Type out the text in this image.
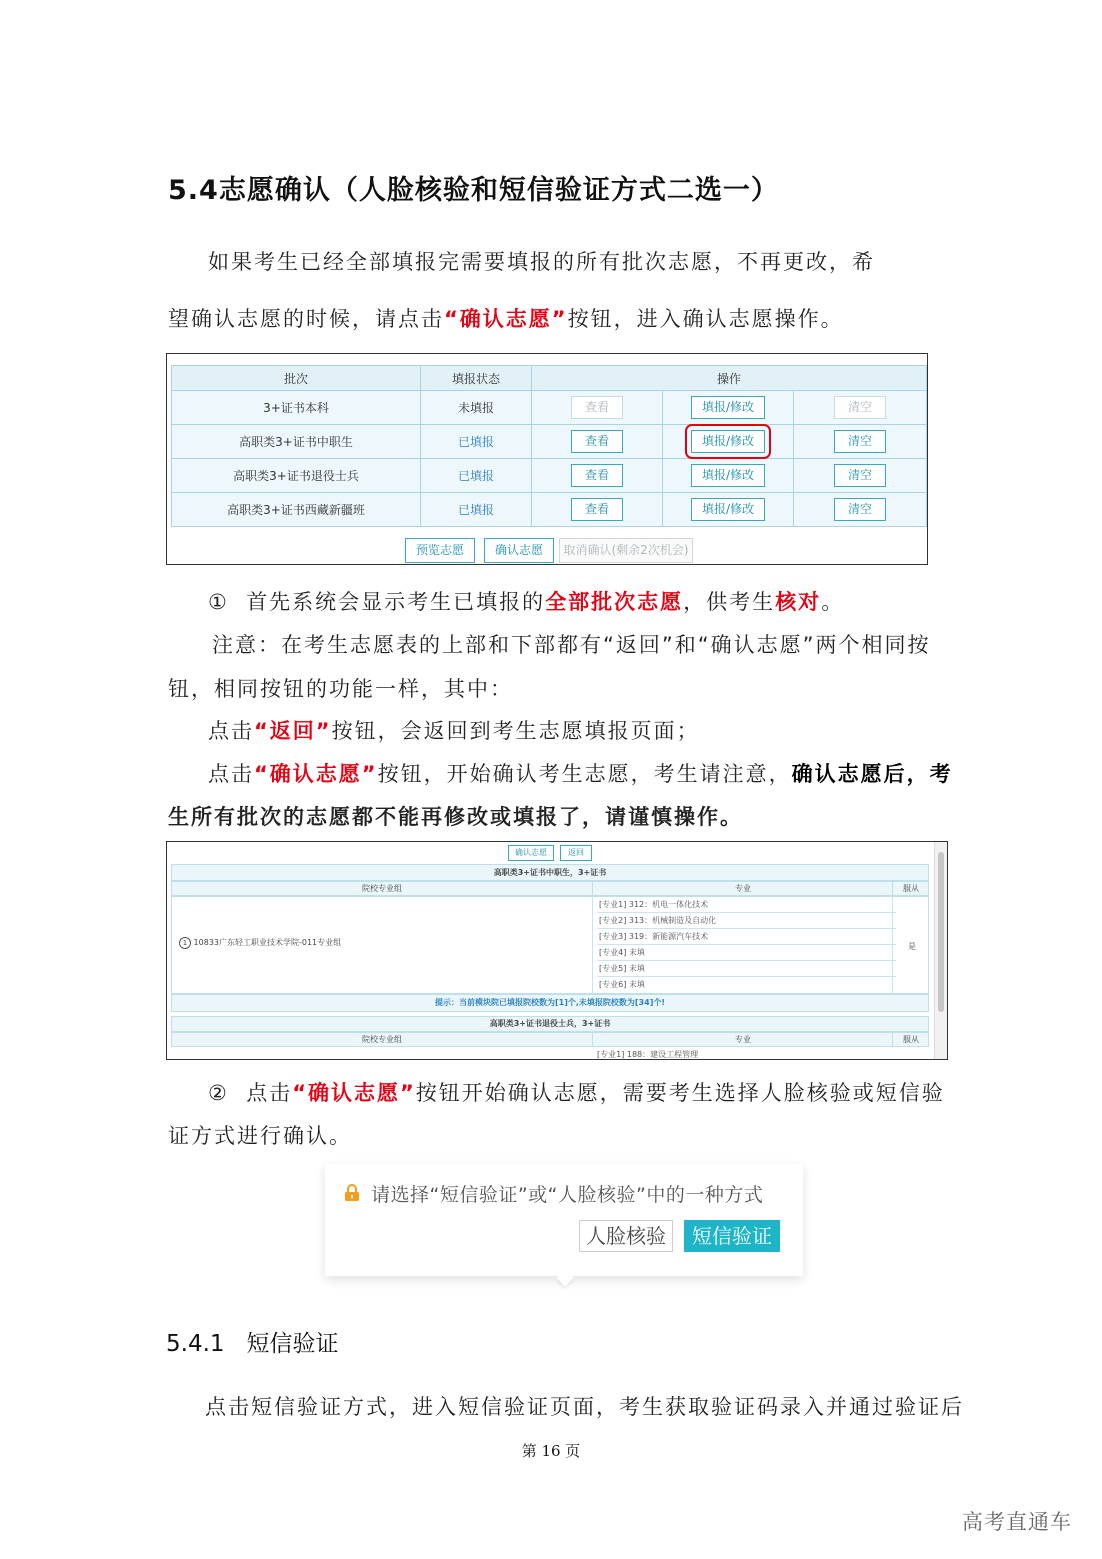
5.4志愿确认（人脸核验和短信验证方式二选一）

如果考生已经全部填报完需要填报的所有批次志愿，不再更改，希

望确认志愿的时候，请点击“确认志愿”按钮，进入确认志愿操作。

批次	填报状态	操作		
3+证书本科	未填报	查看	填报/修改	清空
高职类3+证书中职生	已填报	查看	填报/修改	清空
高职类3+证书退役士兵	已填报	查看	填报/修改	清空
高职类3+证书西藏新疆班	已填报	查看	填报/修改	清空
预览志愿	确认志愿	取消确认(剩余2次机会)

① 首先系统会显示考生已填报的全部批次志愿，供考生核对。

注意：在考生志愿表的上部和下部都有“返回”和“确认志愿”两个相同按

钮，相同按钮的功能一样，其中：

点击“返回”按钮，会返回到考生志愿填报页面；

点击“确认志愿”按钮，开始确认考生志愿，考生请注意，确认志愿后，考

生所有批次的志愿都不能再修改或填报了，请谨慎操作。

确认志愿	返回
高职类3+证书中职生，3+证书
院校专业组	专业	服从
1 10833广东轻工职业技术学院-011专业组
[专业1] 312：机电一体化技术
[专业2] 313：机械制造及自动化
[专业3] 319：新能源汽车技术
[专业4] 未填
[专业5] 未填
[专业6] 未填
是
提示：当前模块院已填报院校数为[1]个,未填报院校数为[34]个!
高职类3+证书退役士兵，3+证书
院校专业组	专业	服从
[专业1] 188：建设工程管理

② 点击“确认志愿”按钮开始确认志愿，需要考生选择人脸核验或短信验

证方式进行确认。

请选择“短信验证”或“人脸核验”中的一种方式
人脸核验	短信验证
5.4.1 短信验证

点击短信验证方式，进入短信验证页面，考生获取验证码录入并通过验证后

第 16 页
高考直通车
